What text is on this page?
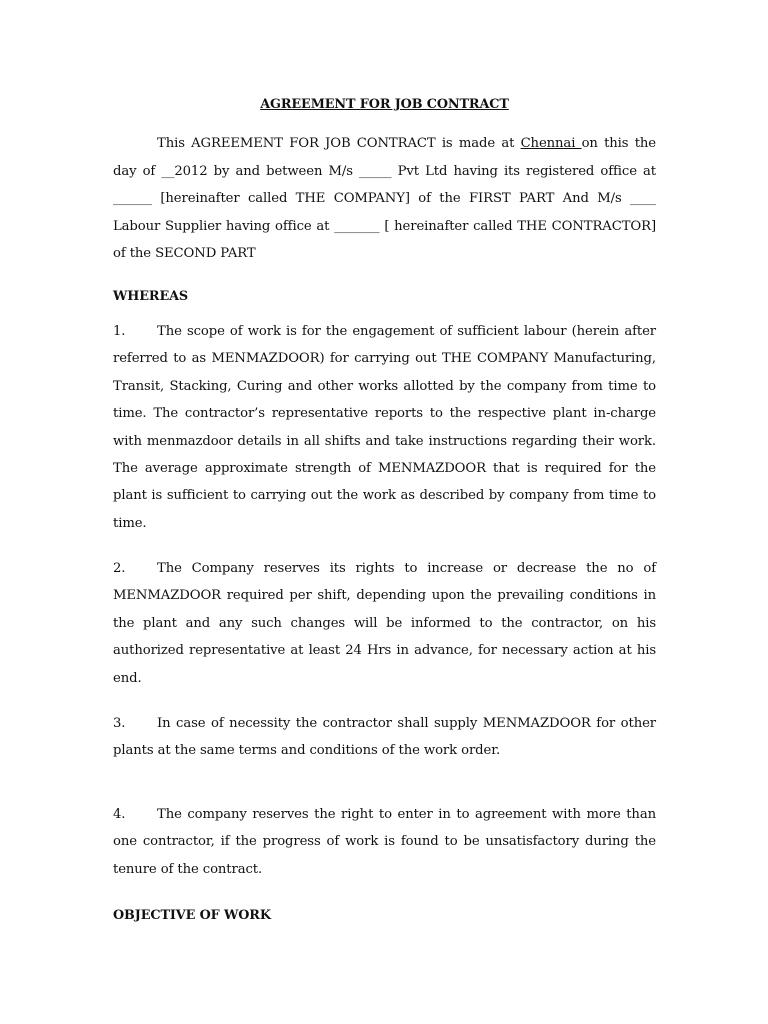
AGREEMENT FOR JOB CONTRACT

This AGREEMENT FOR JOB CONTRACT is made at Chennai on this the day of __2012 by and between M/s _____ Pvt Ltd having its registered office at ______ [hereinafter called THE COMPANY] of the FIRST PART And M/s ____ Labour Supplier having office at _______ [ hereinafter called THE CONTRACTOR] of the SECOND PART

WHEREAS

1. The scope of work is for the engagement of sufficient labour (herein after referred to as MENMAZDOOR) for carrying out THE COMPANY Manufacturing, Transit, Stacking, Curing and other works allotted by the company from time to time. The contractor’s representative reports to the respective plant in-charge with menmazdoor details in all shifts and take instructions regarding their work. The average approximate strength of MENMAZDOOR that is required for the plant is sufficient to carrying out the work as described by company from time to time.

2. The Company reserves its rights to increase or decrease the no of MENMAZDOOR required per shift, depending upon the prevailing conditions in the plant and any such changes will be informed to the contractor, on his authorized representative at least 24 Hrs in advance, for necessary action at his end.

3. In case of necessity the contractor shall supply MENMAZDOOR for other plants at the same terms and conditions of the work order.

4. The company reserves the right to enter in to agreement with more than one contractor, if the progress of work is found to be unsatisfactory during the tenure of the contract.

OBJECTIVE OF WORK
